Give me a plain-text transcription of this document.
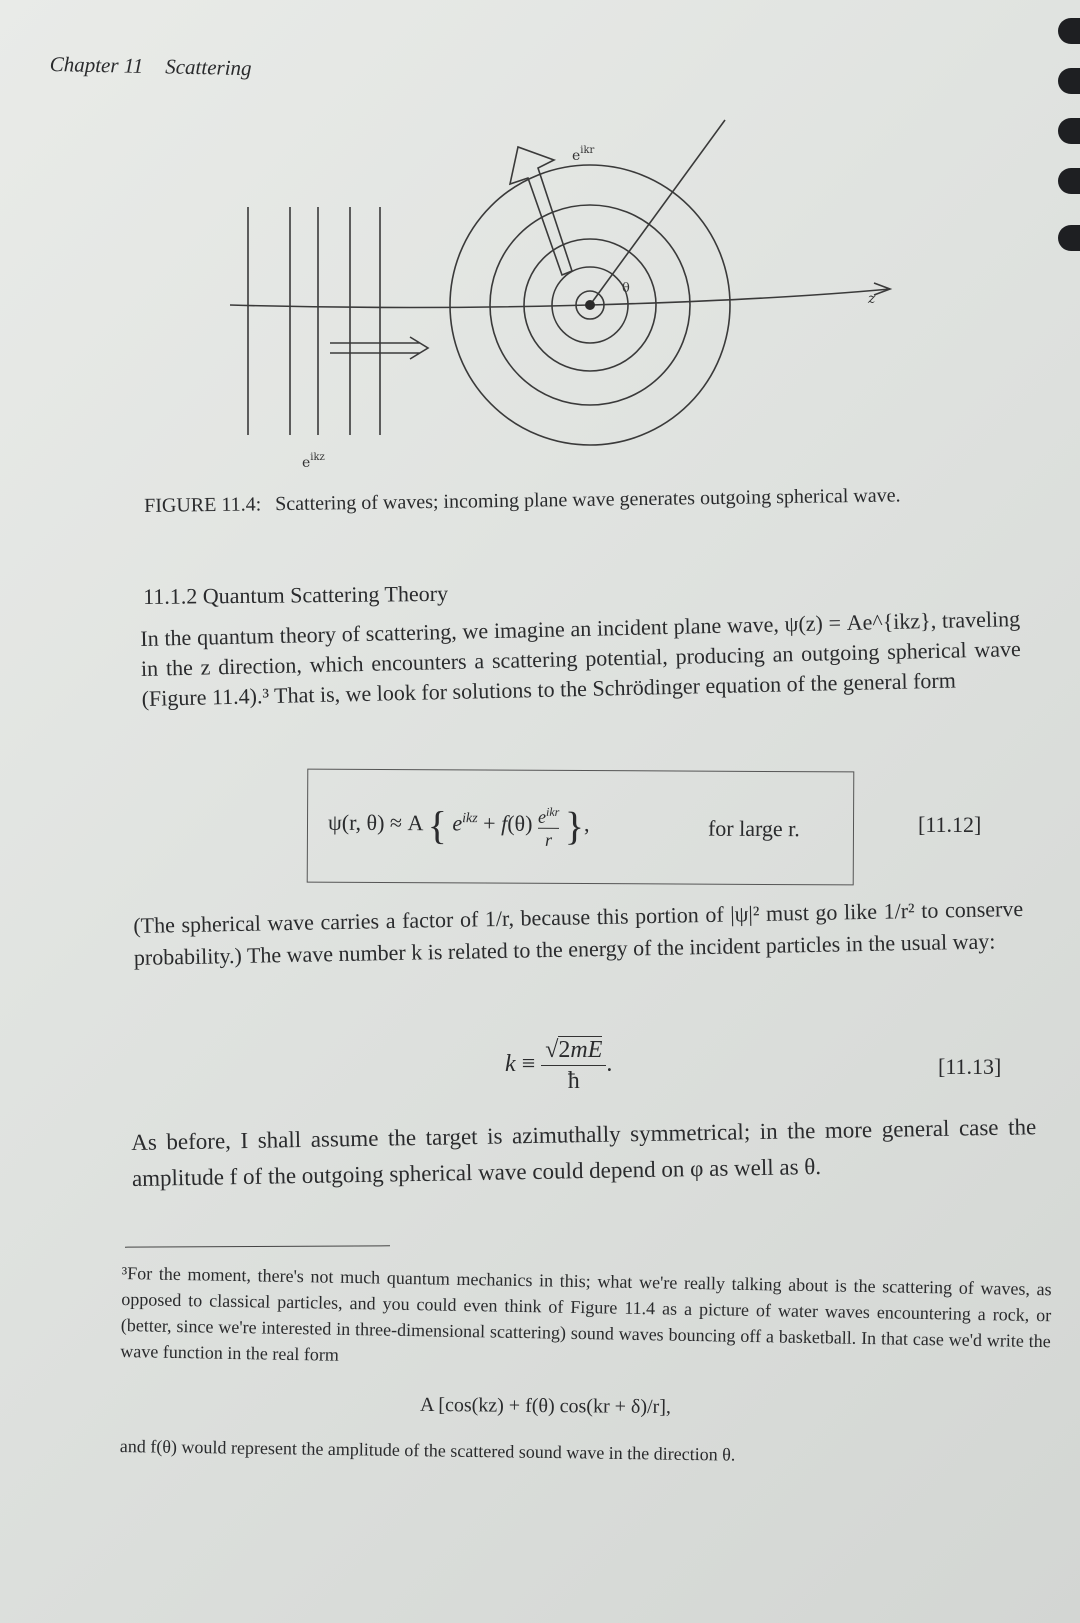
Chapter 11 Scattering
$e^{ikz}$
$e^{ikr}$
θ
z
FIGURE 11.4: Scattering of waves; incoming plane wave generates outgoing spherical wave.
11.1.2 Quantum Scattering Theory
In the quantum theory of scattering, we imagine an incident plane wave, ψ(z) = Ae^{ikz}, traveling in the z direction, which encounters a scattering potential, producing an outgoing spherical wave (Figure 11.4).³ That is, we look for solutions to the Schrödinger equation of the general form
ψ(r, θ) ≈ A { $e^{ikz} + f(\theta)$ $e^{ikr}$
r },	for large r.	[11.12]
(The spherical wave carries a factor of 1/r, because this portion of |ψ|² must go like 1/r² to conserve probability.) The wave number k is related to the energy of the incident particles in the usual way:
$k \equiv \frac{√2mE}{ħ}$ .	[11.13]
As before, I shall assume the target is azimuthally symmetrical; in the more general case the amplitude f of the outgoing spherical wave could depend on φ as well as θ.
³For the moment, there's not much quantum mechanics in this; what we're really talking about is the scattering of waves, as opposed to classical particles, and you could even think of Figure 11.4 as a picture of water waves encountering a rock, or (better, since we're interested in three-dimensional scattering) sound waves bouncing off a basketball. In that case we'd write the wave function in the real form
A [cos(kz) + f(θ) cos(kr + δ)/r],
and f(θ) would represent the amplitude of the scattered sound wave in the direction θ.
